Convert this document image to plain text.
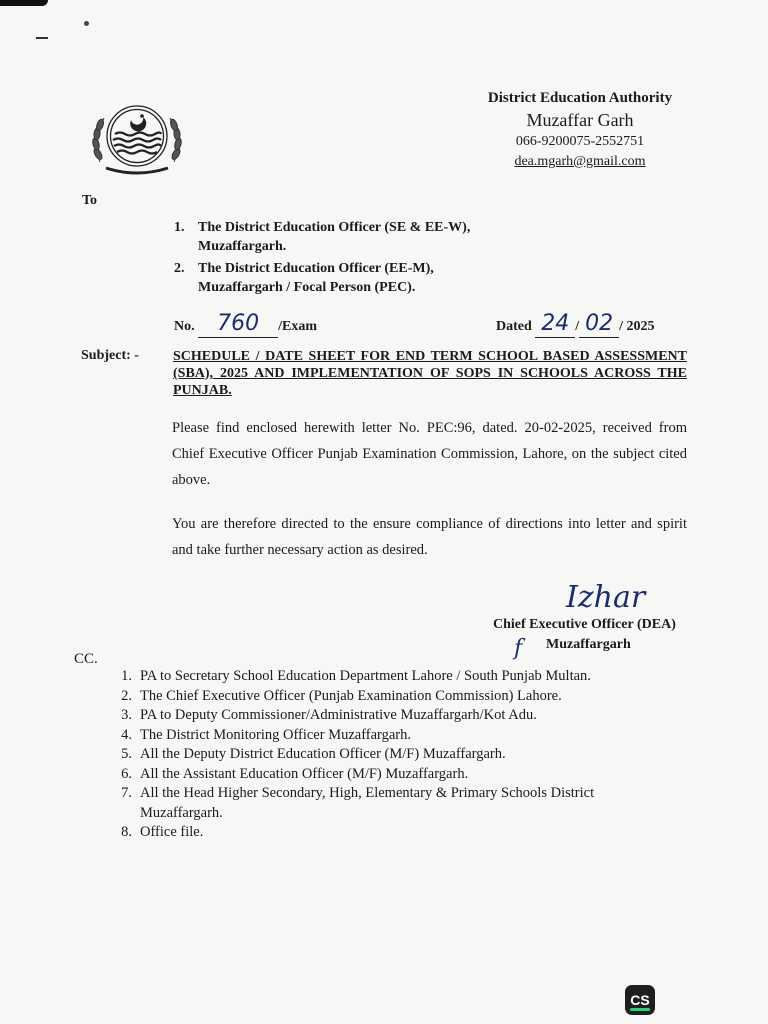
District Education Authority
Muzaffar Garh
066-9200075-2552751
dea.mgarh@gmail.com
To
1. The District Education Officer (SE & EE-W),
Muzaffargarh.
2. The District Education Officer (EE-M),
Muzaffargarh / Focal Person (PEC).
No. 760 /Exam	Dated 24 / 02 / 2025
Subject: - SCHEDULE / DATE SHEET FOR END TERM SCHOOL BASED ASSESSMENT (SBA), 2025 AND IMPLEMENTATION OF SOPS IN SCHOOLS ACROSS THE PUNJAB.
Please find enclosed herewith letter No. PEC:96, dated. 20-02-2025, received from Chief Executive Officer Punjab Examination Commission, Lahore, on the subject cited above.
You are therefore directed to the ensure compliance of directions into letter and spirit and take further necessary action as desired.
Izhar
Chief Executive Officer (DEA)
f Muzaffargarh
CC.
1. PA to Secretary School Education Department Lahore / South Punjab Multan.
2. The Chief Executive Officer (Punjab Examination Commission) Lahore.
3. PA to Deputy Commissioner/Administrative Muzaffargarh/Kot Adu.
4. The District Monitoring Officer Muzaffargarh.
5. All the Deputy District Education Officer (M/F) Muzaffargarh.
6. All the Assistant Education Officer (M/F) Muzaffargarh.
7. All the Head Higher Secondary, High, Elementary & Primary Schools District Muzaffargarh.
8. Office file.
CS
